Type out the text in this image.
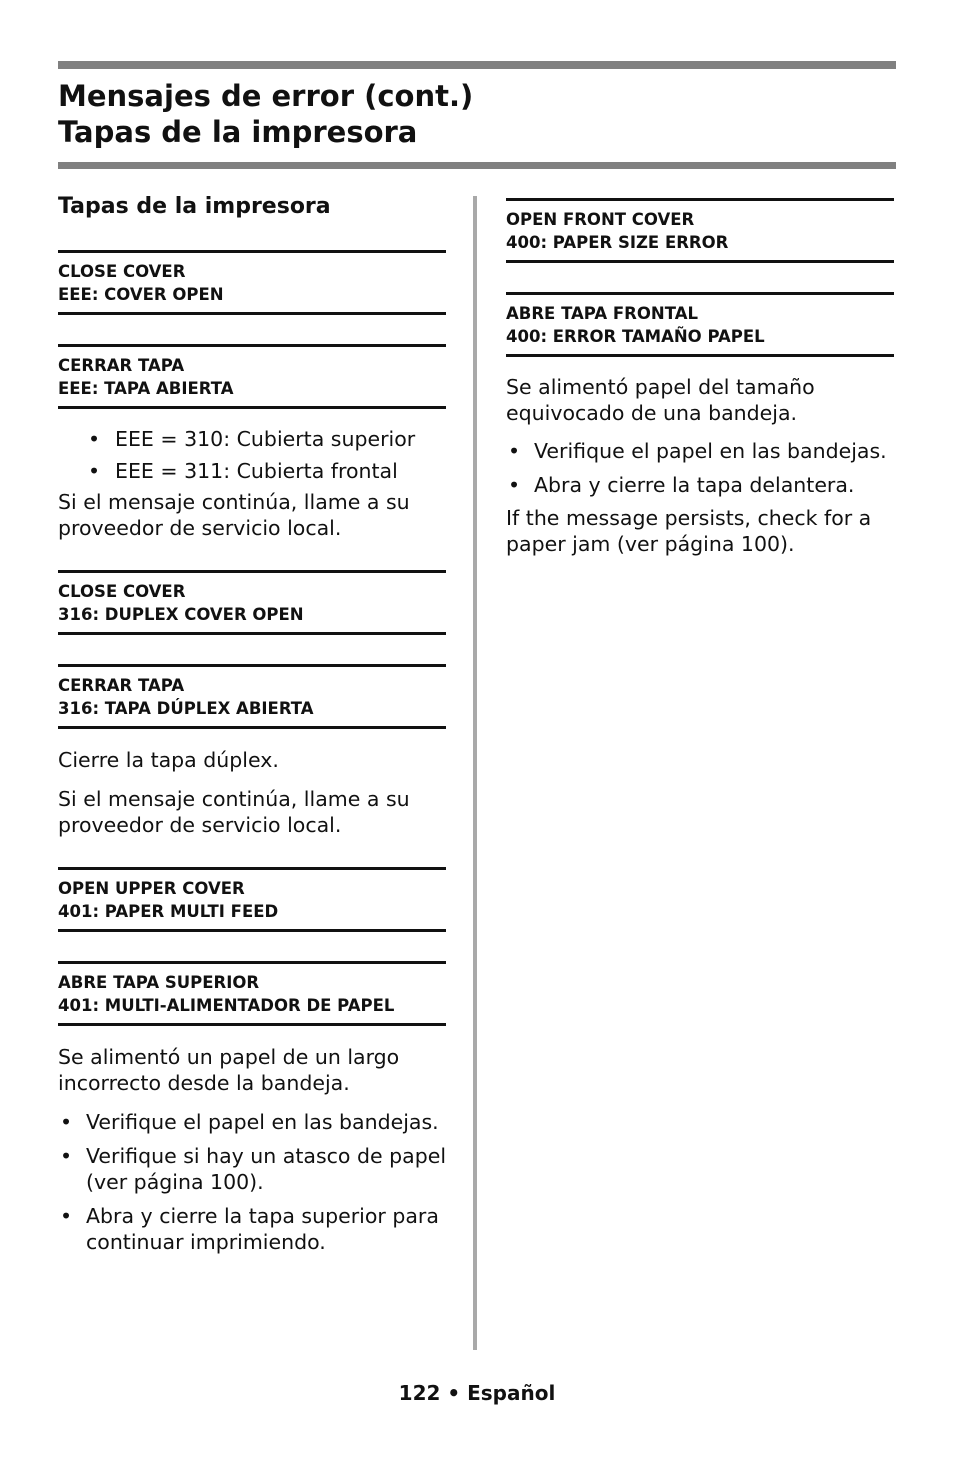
Mensajes de error (cont.)
Tapas de la impresora
Tapas de la impresora
CLOSE COVER
EEE: COVER OPEN
CERRAR TAPA
EEE: TAPA ABIERTA
• EEE = 310: Cubierta superior
• EEE = 311: Cubierta frontal

Si el mensaje continúa, llame a su proveedor de servicio local.

CLOSE COVER
316: DUPLEX COVER OPEN
CERRAR TAPA
316: TAPA DÚPLEX ABIERTA

Cierre la tapa dúplex.

Si el mensaje continúa, llame a su proveedor de servicio local.

OPEN UPPER COVER
401: PAPER MULTI FEED
ABRE TAPA SUPERIOR
401: MULTI-ALIMENTADOR DE PAPEL

Se alimentó un papel de un largo incorrecto desde la bandeja.

• Verifique el papel en las bandejas.
• Verifique si hay un atasco de papel (ver página 100).
• Abra y cierre la tapa superior para continuar imprimiendo.
OPEN FRONT COVER
400: PAPER SIZE ERROR
ABRE TAPA FRONTAL
400: ERROR TAMAÑO PAPEL

Se alimentó papel del tamaño equivocado de una bandeja.

• Verifique el papel en las bandejas.
• Abra y cierre la tapa delantera.

If the message persists, check for a paper jam (ver página 100).

122 • Español
